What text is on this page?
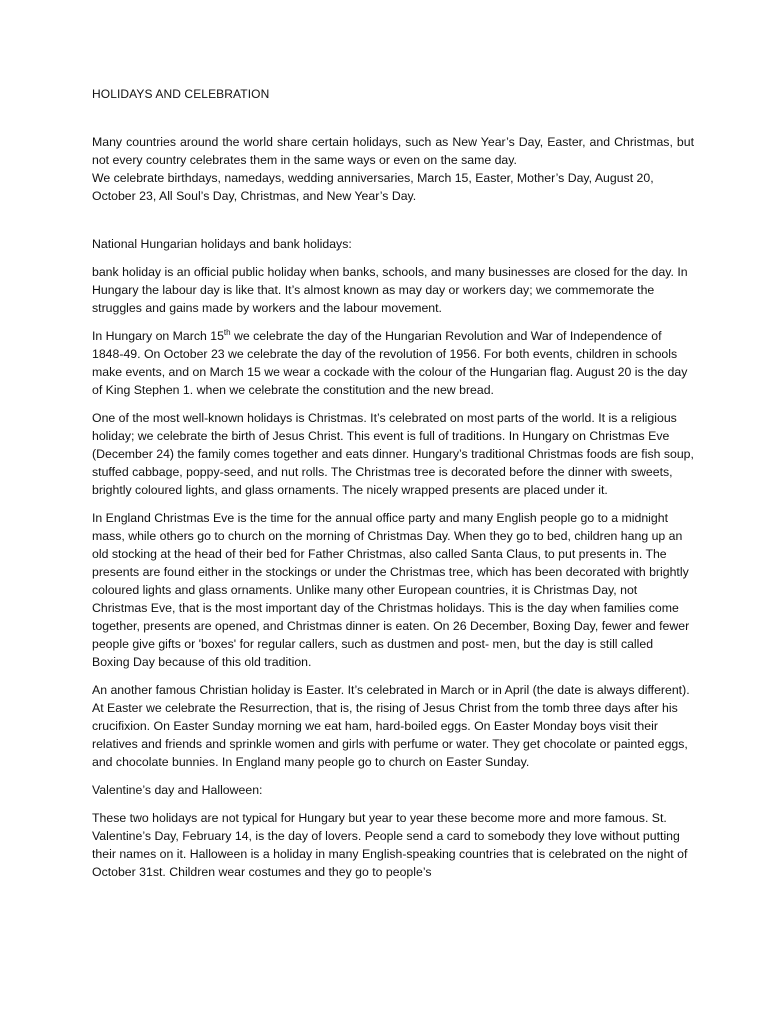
HOLIDAYS AND CELEBRATION

Many countries around the world share certain holidays, such as New Year’s Day, Easter, and Christmas, but not every country celebrates them in the same ways or even on the same day.

We celebrate birthdays, namedays, wedding anniversaries, March 15, Easter, Mother’s Day, August 20, October 23, All Soul’s Day, Christmas, and New Year’s Day.

National Hungarian holidays and bank holidays:

bank holiday is an official public holiday when banks, schools, and many businesses are closed for the day. In Hungary the labour day is like that. It’s almost known as may day or workers day; we commemorate the struggles and gains made by workers and the labour movement.

In Hungary on March 15th we celebrate the day of the Hungarian Revolution and War of Independence of 1848-49. On October 23 we celebrate the day of the revolution of 1956. For both events, children in schools make events, and on March 15 we wear a cockade with the colour of the Hungarian flag. August 20 is the day of King Stephen 1. when we celebrate the constitution and the new bread.

One of the most well-known holidays is Christmas. It’s celebrated on most parts of the world. It is a religious holiday; we celebrate the birth of Jesus Christ. This event is full of traditions. In Hungary on Christmas Eve (December 24) the family comes together and eats dinner. Hungary’s traditional Christmas foods are fish soup, stuffed cabbage, poppy-seed, and nut rolls. The Christmas tree is decorated before the dinner with sweets, brightly coloured lights, and glass ornaments. The nicely wrapped presents are placed under it.

In England Christmas Eve is the time for the annual office party and many English people go to a midnight mass, while others go to church on the morning of Christmas Day. When they go to bed, children hang up an old stocking at the head of their bed for Father Christmas, also called Santa Claus, to put presents in. The presents are found either in the stockings or under the Christmas tree, which has been decorated with brightly coloured lights and glass ornaments. Unlike many other European countries, it is Christmas Day, not Christmas Eve, that is the most important day of the Christmas holidays. This is the day when families come together, presents are opened, and Christmas dinner is eaten. On 26 December, Boxing Day, fewer and fewer people give gifts or 'boxes' for regular callers, such as dustmen and post- men, but the day is still called Boxing Day because of this old tradition.

An another famous Christian holiday is Easter. It’s celebrated in March or in April (the date is always different). At Easter we celebrate the Resurrection, that is, the rising of Jesus Christ from the tomb three days after his crucifixion. On Easter Sunday morning we eat ham, hard-boiled eggs. On Easter Monday boys visit their relatives and friends and sprinkle women and girls with perfume or water. They get chocolate or painted eggs, and chocolate bunnies. In England many people go to church on Easter Sunday.

Valentine’s day and Halloween:

These two holidays are not typical for Hungary but year to year these become more and more famous. St. Valentine’s Day, February 14, is the day of lovers. People send a card to somebody they love without putting their names on it. Halloween is a holiday in many English-speaking countries that is celebrated on the night of October 31st. Children wear costumes and they go to people’s
